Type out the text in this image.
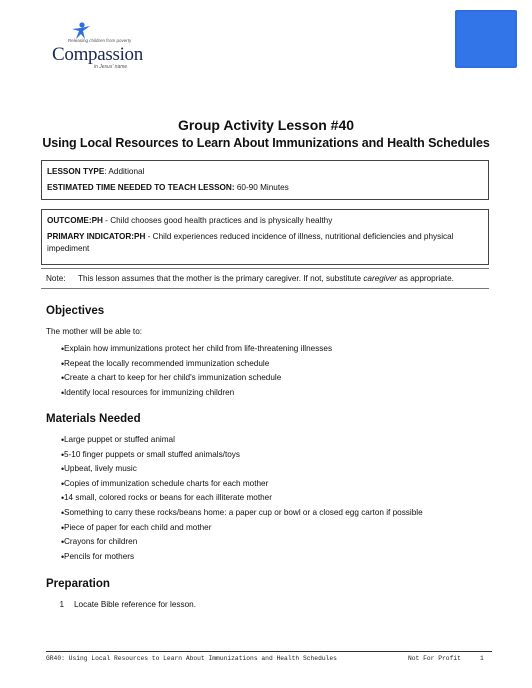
Releasing children from poverty
Compassion
in Jesus' name
Group Activity Lesson #40
Using Local Resources to Learn About Immunizations and Health Schedules
LESSON TYPE: Additional
ESTIMATED TIME NEEDED TO TEACH LESSON: 60-90 Minutes
OUTCOME:PH - Child chooses good health practices and is physically healthy
PRIMARY INDICATOR:PH - Child experiences reduced incidence of illness, nutritional deficiencies and physical impediment
Note:	This lesson assumes that the mother is the primary caregiver. If not, substitute caregiver as appropriate.
Objectives
The mother will be able to:
• Explain how immunizations protect her child from life-threatening illnesses
• Repeat the locally recommended immunization schedule
• Create a chart to keep for her child's immunization schedule
• Identify local resources for immunizing children
Materials Needed
• Large puppet or stuffed animal
• 5-10 finger puppets or small stuffed animals/toys
• Upbeat, lively music
• Copies of immunization schedule charts for each mother
• 14 small, colored rocks or beans for each illiterate mother
• Something to carry these rocks/beans home: a paper cup or bowl or a closed egg carton if possible
• Piece of paper for each child and mother
• Crayons for children
• Pencils for mothers
Preparation
1 Locate Bible reference for lesson.
GR40: Using Local Resources to Learn About Immunizations and Health Schedules	Not For Profit	1
